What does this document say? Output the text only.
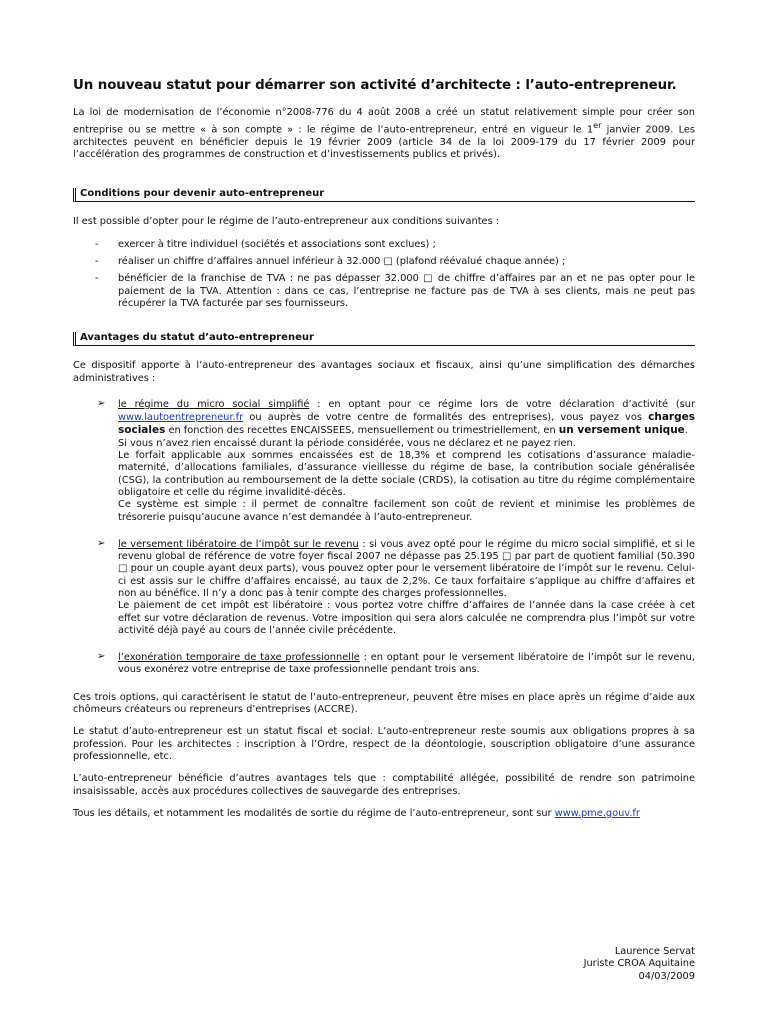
Un nouveau statut pour démarrer son activité d’architecte : l’auto-entrepreneur.

La loi de modernisation de l’économie n°2008-776 du 4 août 2008 a créé un statut relativement simple pour créer son entreprise ou se mettre « à son compte » : le régime de l’auto-entrepreneur, entré en vigueur le 1er janvier 2009. Les architectes peuvent en bénéficier depuis le 19 février 2009 (article 34 de la loi 2009-179 du 17 février 2009 pour l’accélération des programmes de construction et d’investissements publics et privés).

Conditions pour devenir auto-entrepreneur

Il est possible d’opter pour le régime de l’auto-entrepreneur aux conditions suivantes :

- exercer à titre individuel (sociétés et associations sont exclues) ;
- réaliser un chiffre d’affaires annuel inférieur à 32.000 □ (plafond réévalué chaque année) ;
- bénéficier de la franchise de TVA : ne pas dépasser 32.000 □ de chiffre d’affaires par an et ne pas opter pour le paiement de la TVA. Attention : dans ce cas, l’entreprise ne facture pas de TVA à ses clients, mais ne peut pas récupérer la TVA facturée par ses fournisseurs.
Avantages du statut d’auto-entrepreneur

Ce dispositif apporte à l’auto-entrepreneur des avantages sociaux et fiscaux, ainsi qu’une simplification des démarches administratives :

➢ le régime du micro social simplifié : en optant pour ce régime lors de votre déclaration d’activité (sur www.lautoentrepreneur.fr ou auprès de votre centre de formalités des entreprises), vous payez vos charges sociales en fonction des recettes ENCAISSEES, mensuellement ou trimestriellement, en un versement unique.

Si vous n’avez rien encaissé durant la période considérée, vous ne déclarez et ne payez rien.

Le forfait applicable aux sommes encaissées est de 18,3% et comprend les cotisations d’assurance maladie-maternité, d’allocations familiales, d’assurance vieillesse du régime de base, la contribution sociale généralisée (CSG), la contribution au remboursement de la dette sociale (CRDS), la cotisation au titre du régime complémentaire obligatoire et celle du régime invalidité-décès.

Ce système est simple : il permet de connaître facilement son coût de revient et minimise les problèmes de trésorerie puisqu’aucune avance n’est demandée à l’auto-entrepreneur.

➢ le versement libératoire de l’impôt sur le revenu : si vous avez opté pour le régime du micro social simplifié, et si le revenu global de référence de votre foyer fiscal 2007 ne dépasse pas 25.195 □ par part de quotient familial (50.390 □ pour un couple ayant deux parts), vous pouvez opter pour le versement libératoire de l’impôt sur le revenu. Celui-ci est assis sur le chiffre d’affaires encaissé, au taux de 2,2%. Ce taux forfaitaire s’applique au chiffre d’affaires et non au bénéfice. Il n’y a donc pas à tenir compte des charges professionnelles.

Le paiement de cet impôt est libératoire : vous portez votre chiffre d’affaires de l’année dans la case créée à cet effet sur votre déclaration de revenus. Votre imposition qui sera alors calculée ne comprendra plus l’impôt sur votre activité déjà payé au cours de l’année civile précédente.

➢ l’exonération temporaire de taxe professionnelle : en optant pour le versement libératoire de l’impôt sur le revenu, vous exonérez votre entreprise de taxe professionnelle pendant trois ans.

Ces trois options, qui caractérisent le statut de l’auto-entrepreneur, peuvent être mises en place après un régime d’aide aux chômeurs créateurs ou repreneurs d’entreprises (ACCRE).

Le statut d’auto-entrepreneur est un statut fiscal et social. L’auto-entrepreneur reste soumis aux obligations propres à sa profession. Pour les architectes : inscription à l’Ordre, respect de la déontologie, souscription obligatoire d’une assurance professionnelle, etc.

L’auto-entrepreneur bénéficie d’autres avantages tels que : comptabilité allégée, possibilité de rendre son patrimoine insaisissable, accès aux procédures collectives de sauvegarde des entreprises.

Tous les détails, et notamment les modalités de sortie du régime de l’auto-entrepreneur, sont sur www.pme.gouv.fr

Laurence Servat
Juriste CROA Aquitaine
04/03/2009
